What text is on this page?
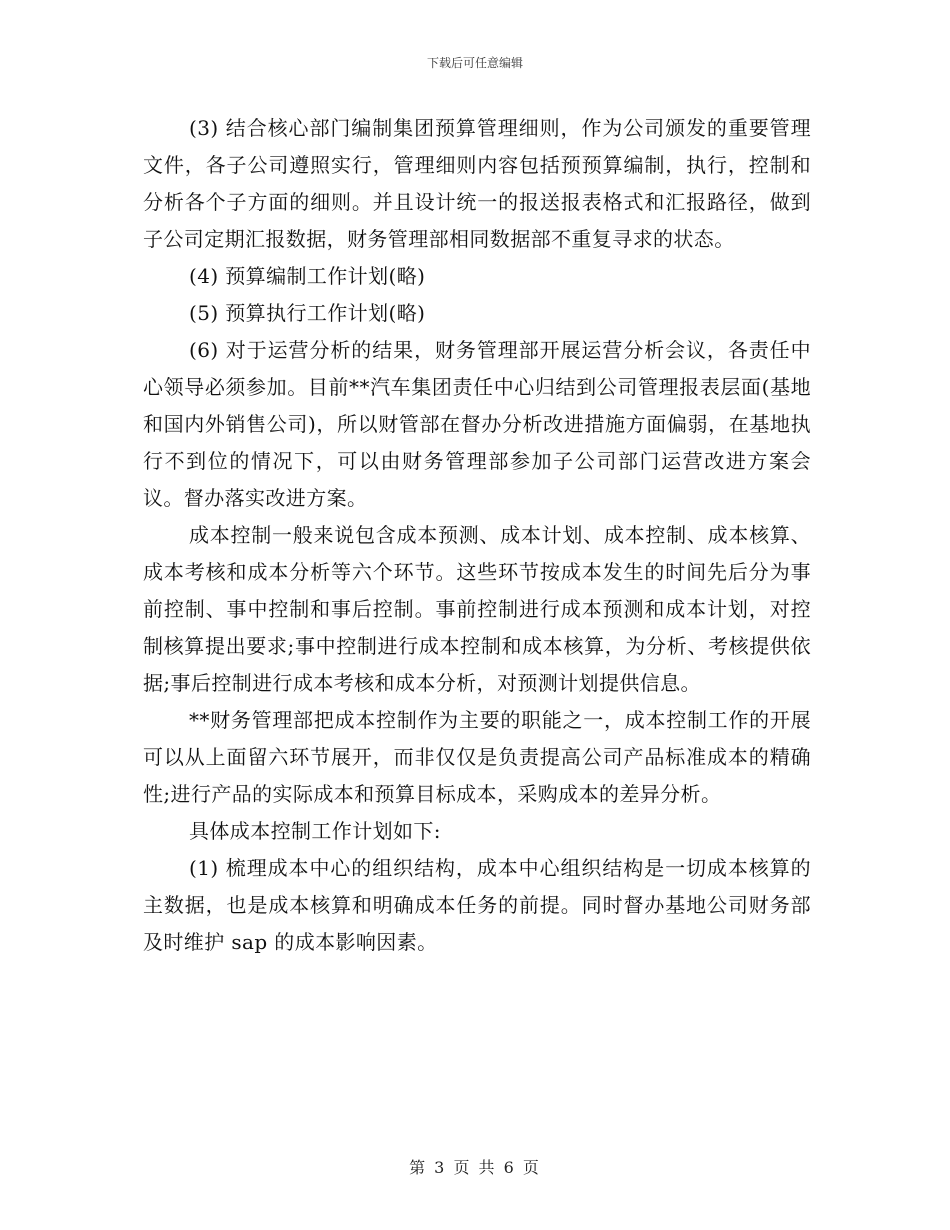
下载后可任意编辑

(3) 结合核心部门编制集团预算管理细则，作为公司颁发的重要管理文件，各子公司遵照实行，管理细则内容包括预预算编制，执行，控制和分析各个子方面的细则。并且设计统一的报送报表格式和汇报路径，做到子公司定期汇报数据，财务管理部相同数据部不重复寻求的状态。

(4) 预算编制工作计划(略)

(5) 预算执行工作计划(略)

(6) 对于运营分析的结果，财务管理部开展运营分析会议，各责任中心领导必须参加。目前**汽车集团责任中心归结到公司管理报表层面(基地和国内外销售公司)，所以财管部在督办分析改进措施方面偏弱，在基地执行不到位的情况下，可以由财务管理部参加子公司部门运营改进方案会议。督办落实改进方案。

成本控制一般来说包含成本预测、成本计划、成本控制、成本核算、成本考核和成本分析等六个环节。这些环节按成本发生的时间先后分为事前控制、事中控制和事后控制。事前控制进行成本预测和成本计划，对控制核算提出要求;事中控制进行成本控制和成本核算，为分析、考核提供依据;事后控制进行成本考核和成本分析，对预测计划提供信息。

**财务管理部把成本控制作为主要的职能之一，成本控制工作的开展可以从上面留六环节展开，而非仅仅是负责提高公司产品标准成本的精确性;进行产品的实际成本和预算目标成本，采购成本的差异分析。

具体成本控制工作计划如下:

(1) 梳理成本中心的组织结构，成本中心组织结构是一切成本核算的主数据，也是成本核算和明确成本任务的前提。同时督办基地公司财务部及时维护 sap 的成本影响因素。

第 3 页 共 6 页
